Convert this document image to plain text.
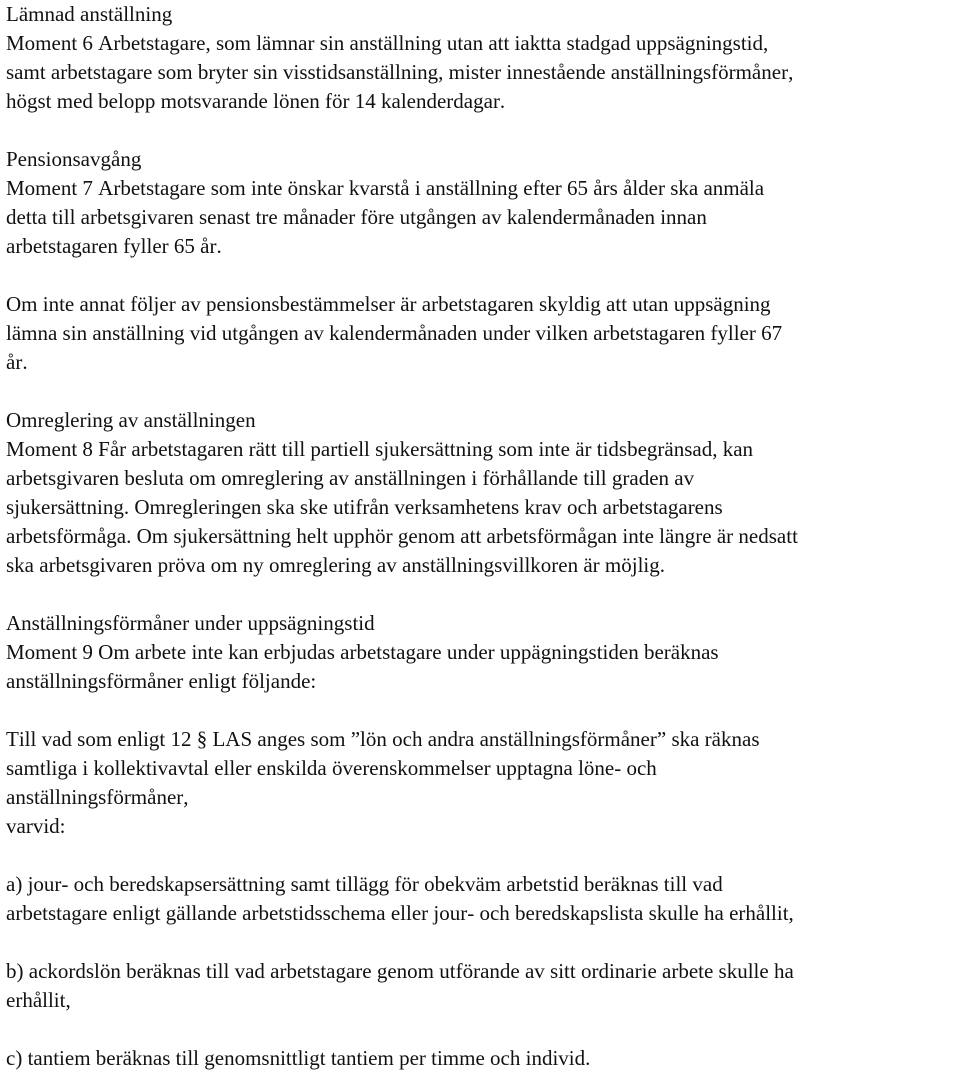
Lämnad anställning
Moment 6 Arbetstagare, som lämnar sin anställning utan att iaktta stadgad uppsägningstid,
samt arbetstagare som bryter sin visstidsanställning, mister innestående anställningsförmåner,
högst med belopp motsvarande lönen för 14 kalenderdagar.
Pensionsavgång
Moment 7 Arbetstagare som inte önskar kvarstå i anställning efter 65 års ålder ska anmäla
detta till arbetsgivaren senast tre månader före utgången av kalendermånaden innan
arbetstagaren fyller 65 år.
Om inte annat följer av pensionsbestämmelser är arbetstagaren skyldig att utan uppsägning
lämna sin anställning vid utgången av kalendermånaden under vilken arbetstagaren fyller 67
år.
Omreglering av anställningen
Moment 8 Får arbetstagaren rätt till partiell sjukersättning som inte är tidsbegränsad, kan
arbetsgivaren besluta om omreglering av anställningen i förhållande till graden av
sjukersättning. Omregleringen ska ske utifrån verksamhetens krav och arbetstagarens
arbetsförmåga. Om sjukersättning helt upphör genom att arbetsförmågan inte längre är nedsatt
ska arbetsgivaren pröva om ny omreglering av anställningsvillkoren är möjlig.
Anställningsförmåner under uppsägningstid
Moment 9 Om arbete inte kan erbjudas arbetstagare under uppägningstiden beräknas
anställningsförmåner enligt följande:
Till vad som enligt 12 § LAS anges som ”lön och andra anställningsförmåner” ska räknas
samtliga i kollektivavtal eller enskilda överenskommelser upptagna löne- och
anställningsförmåner,
varvid:
a) jour- och beredskapsersättning samt tillägg för obekväm arbetstid beräknas till vad
arbetstagare enligt gällande arbetstidsschema eller jour- och beredskapslista skulle ha erhållit,
b) ackordslön beräknas till vad arbetstagare genom utförande av sitt ordinarie arbete skulle ha
erhållit,
c) tantiem beräknas till genomsnittligt tantiem per timme och individ.
